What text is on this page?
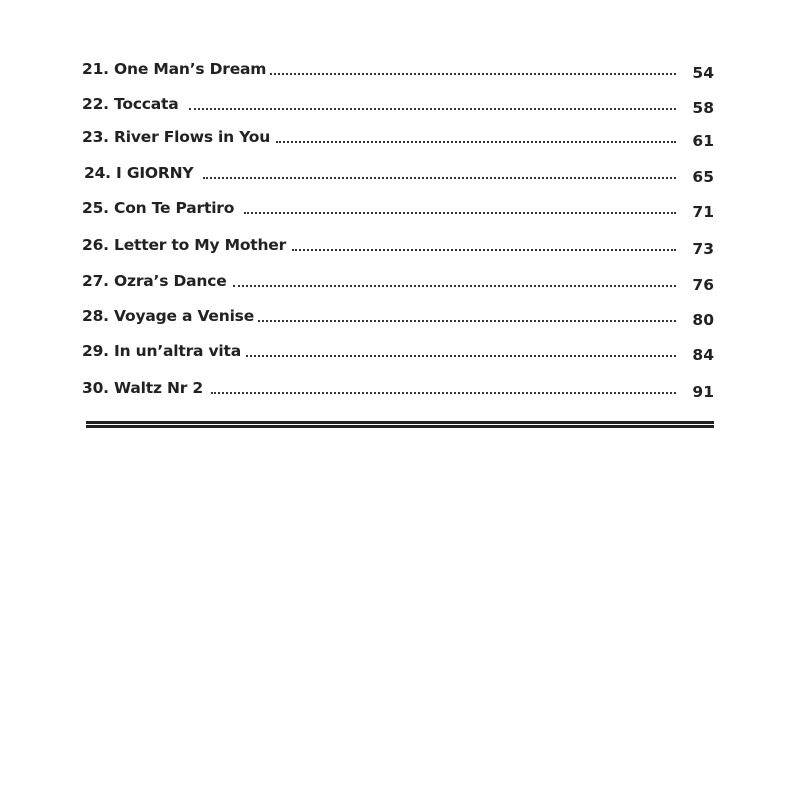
21. One Man’s Dream	54
22. Toccata	58
23. River Flows in You	61
24. I GIORNY	65
25. Con Te Partiro	71
26. Letter to My Mother	73
27. Ozra’s Dance	76
28. Voyage a Venise	80
29. In un’altra vita	84
30. Waltz Nr 2	91
